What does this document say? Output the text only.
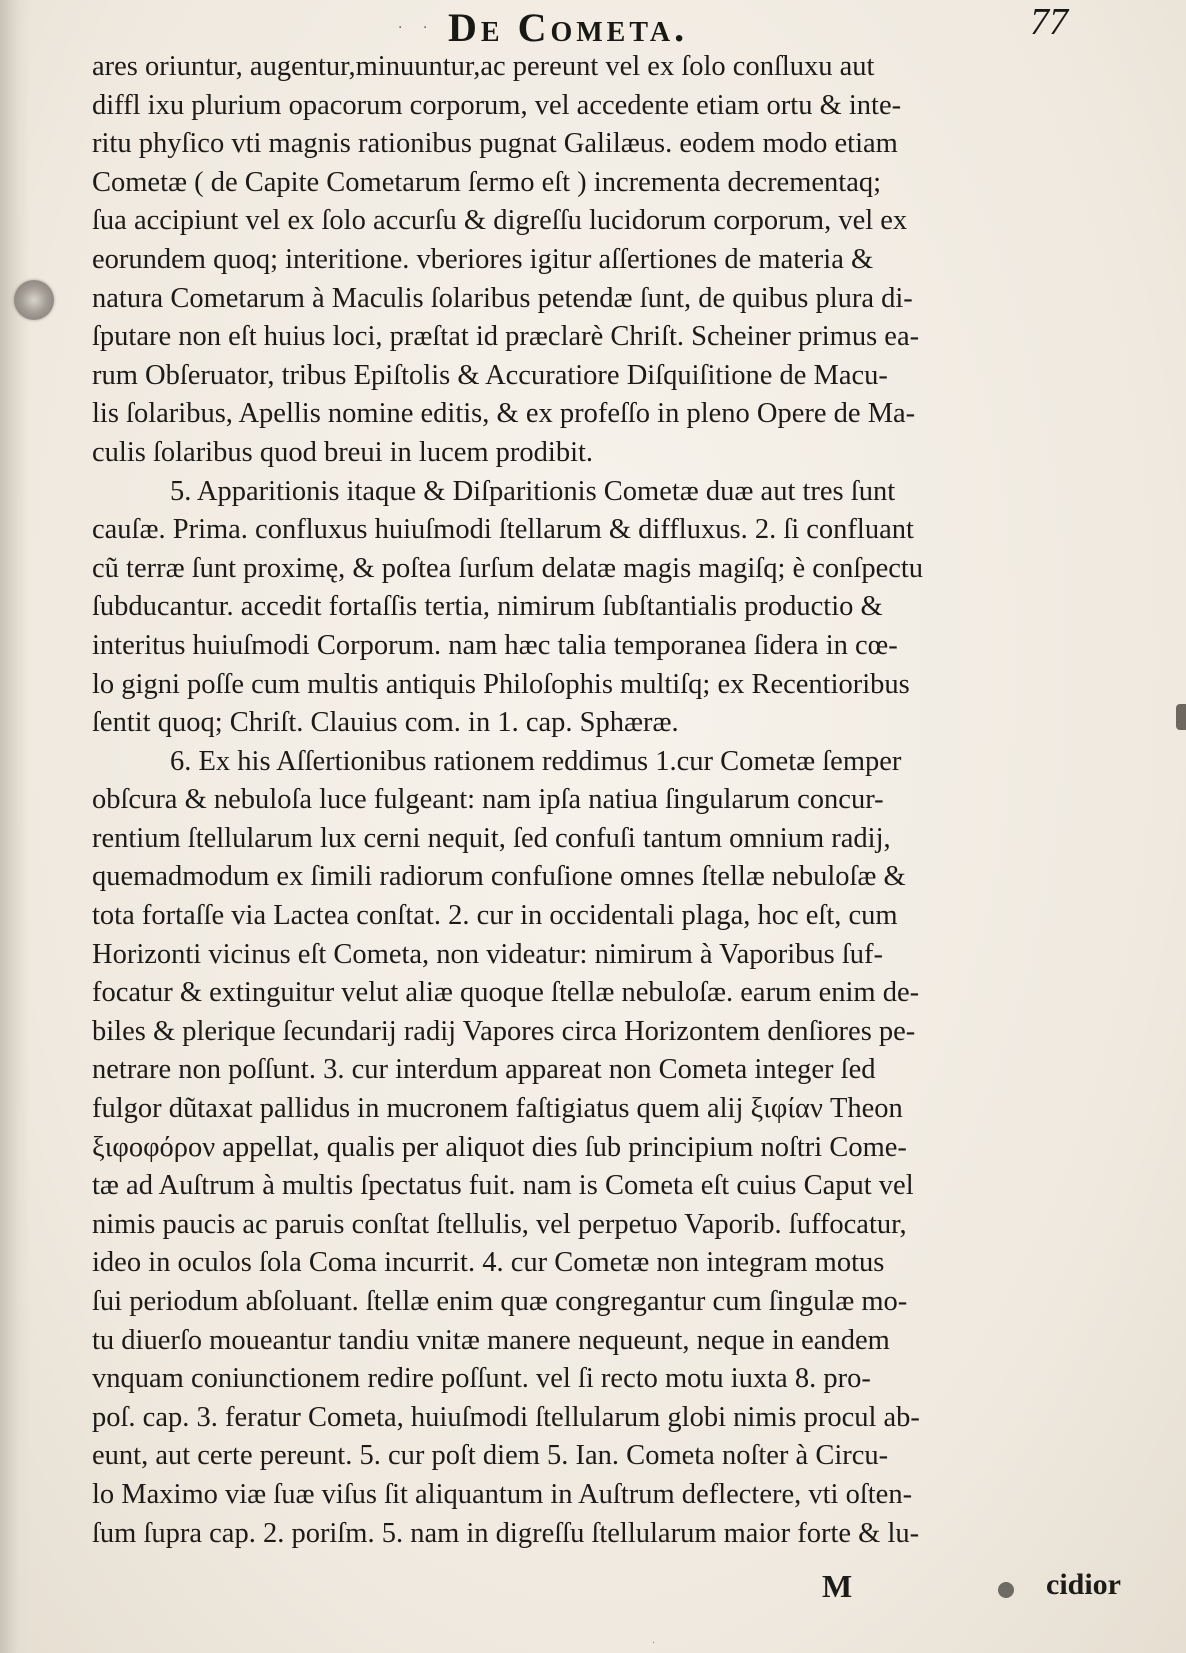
· · De Cometa.	77
ares oriuntur, augentur,minuuntur,ac pereunt vel ex ſolo conſluxu aut
diffl ixu plurium opacorum corporum, vel accedente etiam ortu & inte-
ritu phyſico vti magnis rationibus pugnat Galilæus. eodem modo etiam
Cometæ ( de Capite Cometarum ſermo eſt ) incrementa decrementaq;
ſua accipiunt vel ex ſolo accurſu & digreſſu lucidorum corporum, vel ex
eorundem quoq; interitione. vberiores igitur aſſertiones de materia &
natura Cometarum à Maculis ſolaribus petendæ ſunt, de quibus plura di-
ſputare non eſt huius loci, præſtat id præclarè Chriſt. Scheiner primus ea-
rum Obſeruator, tribus Epiſtolis & Accuratiore Diſquiſitione de Macu-
lis ſolaribus, Apellis nomine editis, & ex profeſſo in pleno Opere de Ma-
culis ſolaribus quod breui in lucem prodibit.
5. Apparitionis itaque & Diſparitionis Cometæ duæ aut tres ſunt
cauſæ. Prima. confluxus huiuſmodi ſtellarum & diffluxus. 2. ſi confluant
cũ terræ ſunt proximę, & poſtea ſurſum delatæ magis magiſq; è conſpectu
ſubducantur. accedit fortaſſis tertia, nimirum ſubſtantialis productio &
interitus huiuſmodi Corporum. nam hæc talia temporanea ſidera in cœ-
lo gigni poſſe cum multis antiquis Philoſophis multiſq; ex Recentioribus
ſentit quoq; Chriſt. Clauius com. in 1. cap. Sphæræ.
6. Ex his Aſſertionibus rationem reddimus 1.cur Cometæ ſemper
obſcura & nebuloſa luce fulgeant: nam ipſa natiua ſingularum concur-
rentium ſtellularum lux cerni nequit, ſed confuſi tantum omnium radij,
quemadmodum ex ſimili radiorum confuſione omnes ſtellæ nebuloſæ &
tota fortaſſe via Lactea conſtat. 2. cur in occidentali plaga, hoc eſt, cum
Horizonti vicinus eſt Cometa, non videatur: nimirum à Vaporibus ſuf-
focatur & extinguitur velut aliæ quoque ſtellæ nebuloſæ. earum enim de-
biles & plerique ſecundarij radij Vapores circa Horizontem denſiores pe-
netrare non poſſunt. 3. cur interdum appareat non Cometa integer ſed
fulgor dũtaxat pallidus in mucronem faſtigiatus quem alij ξιφίαν Theon
ξιφοφόρον appellat, qualis per aliquot dies ſub principium noſtri Come-
tæ ad Auſtrum à multis ſpectatus fuit. nam is Cometa eſt cuius Caput vel
nimis paucis ac paruis conſtat ſtellulis, vel perpetuo Vaporib. ſuffocatur,
ideo in oculos ſola Coma incurrit. 4. cur Cometæ non integram motus
ſui periodum abſoluant. ſtellæ enim quæ congregantur cum ſingulæ mo-
tu diuerſo moueantur tandiu vnitæ manere nequeunt, neque in eandem
vnquam coniunctionem redire poſſunt. vel ſi recto motu iuxta 8. pro-
poſ. cap. 3. feratur Cometa, huiuſmodi ſtellularum globi nimis procul ab-
eunt, aut certe pereunt. 5. cur poſt diem 5. Ian. Cometa noſter à Circu-
lo Maximo viæ ſuæ viſus ſit aliquantum in Auſtrum deflectere, vti oſten-
ſum ſupra cap. 2. poriſm. 5. nam in digreſſu ſtellularum maior forte & lu-
M	cidior
·
